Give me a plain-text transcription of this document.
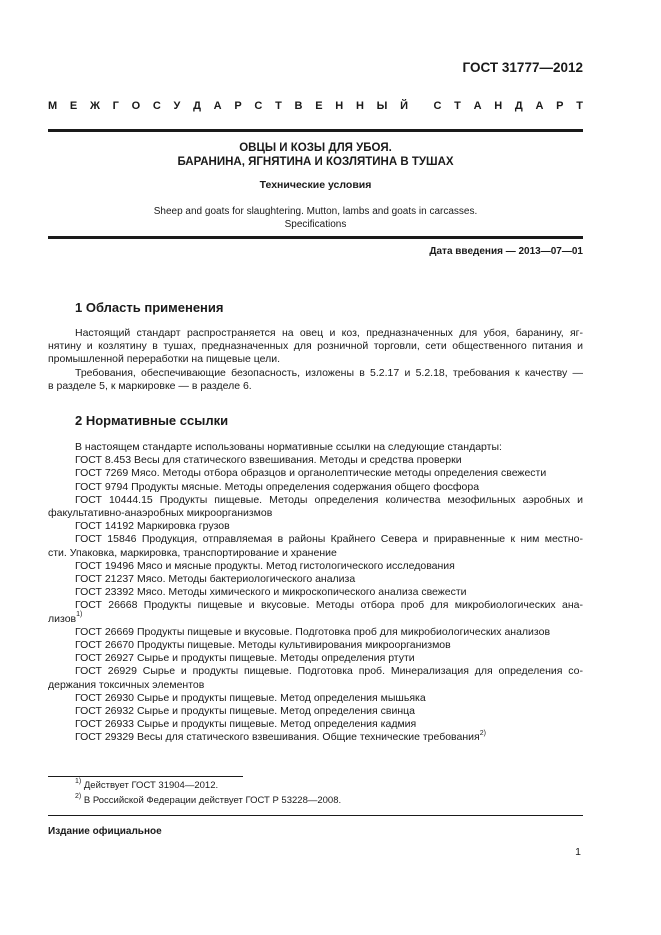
ГОСТ 31777—2012
М Е Ж Г О С У Д А Р С Т В Е Н Н Ы Й С Т А Н Д А Р Т
ОВЦЫ И КОЗЫ ДЛЯ УБОЯ.
БАРАНИНА, ЯГНЯТИНА И КОЗЛЯТИНА В ТУШАХ
Технические условия
Sheep and goats for slaughtering. Mutton, lambs and goats in carcasses.
Specifications
Дата введения — 2013—07—01
1 Область применения
Настоящий стандарт распространяется на овец и коз, предназначенных для убоя, баранину, яг-
нятину и козлятину в тушах, предназначенных для розничной торговли, сети общественного питания и
промышленной переработки на пищевые цели.
Требования, обеспечивающие безопасность, изложены в 5.2.17 и 5.2.18, требования к качеству —
в разделе 5, к маркировке — в разделе 6.
2 Нормативные ссылки
В настоящем стандарте использованы нормативные ссылки на следующие стандарты:
ГОСТ 8.453 Весы для статического взвешивания. Методы и средства проверки
ГОСТ 7269 Мясо. Методы отбора образцов и органолептические методы определения свежести
ГОСТ 9794 Продукты мясные. Методы определения содержания общего фосфора
ГОСТ 10444.15 Продукты пищевые. Методы определения количества мезофильных аэробных и
факультативно-анаэробных микроорганизмов
ГОСТ 14192 Маркировка грузов
ГОСТ 15846 Продукция, отправляемая в районы Крайнего Севера и приравненные к ним местно-
сти. Упаковка, маркировка, транспортирование и хранение
ГОСТ 19496 Мясо и мясные продукты. Метод гистологического исследования
ГОСТ 21237 Мясо. Методы бактериологического анализа
ГОСТ 23392 Мясо. Методы химического и микроскопического анализа свежести
ГОСТ 26668 Продукты пищевые и вкусовые. Методы отбора проб для микробиологических ана-
лизов$^{1)}$
ГОСТ 26669 Продукты пищевые и вкусовые. Подготовка проб для микробиологических анализов
ГОСТ 26670 Продукты пищевые. Методы культивирования микроорганизмов
ГОСТ 26927 Сырье и продукты пищевые. Методы определения ртути
ГОСТ 26929 Сырье и продукты пищевые. Подготовка проб. Минерализация для определения со-
держания токсичных элементов
ГОСТ 26930 Сырье и продукты пищевые. Метод определения мышьяка
ГОСТ 26932 Сырье и продукты пищевые. Метод определения свинца
ГОСТ 26933 Сырье и продукты пищевые. Метод определения кадмия
ГОСТ 29329 Весы для статического взвешивания. Общие технические требования$^{2)}$
$^{1)}$ Действует ГОСТ 31904—2012.
$^{2)}$ В Российской Федерации действует ГОСТ Р 53228—2008.
Издание официальное
1
